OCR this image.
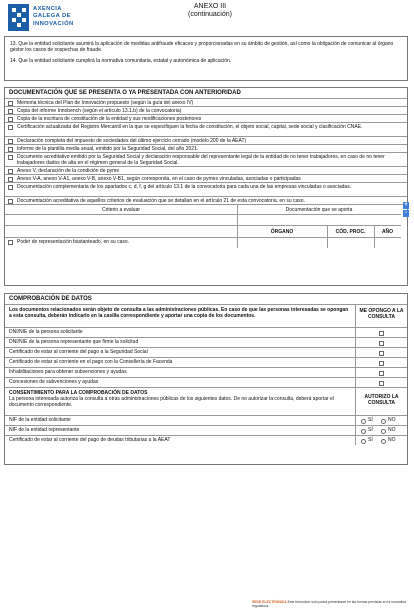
AXENCIA
GALEGA DE
INNOVACIÓN
ANEXO III
(continuación)

13. Que la entidad solicitante asumirá la aplicación de medidas antifraude eficaces y proporcionadas en su ámbito de gestión, así como la obligación de comunicar al órgano gestor los casos de sospechas de fraude.

14. Que la entidad solicitante cumplirá la normativa comunitaria, estatal y autonómica de aplicación.

DOCUMENTACIÓN QUE SE PRESENTA O YA PRESENTADA CON ANTERIORIDAD
Memoria técnica del Plan de Innovación propuesto (según la guía del anexo IV)
Copia del informe Innobench (según el artículo 13.1.b) de la convocatoria)
Copia de la escritura de constitución de la entidad y sus modificaciones posteriores
Certificación actualizada del Registro Mercantil en la que se especifiquen la fecha de constitución, el objeto social, capital, sede social y clasificación CNAE.
Declaración completa del impuesto de sociedades del último ejercicio cerrado (modelo 200 de la AEAT)
Informe de la plantilla media anual, emitido por la Seguridad Social, del año 2021.
Documento acreditativo emitido por la Seguridad Social y declaración responsable del representante legal de la entidad de no tener trabajadores, en caso de no tener trabajadores dados de alta en el régimen general de la Seguridad Social.
Anexo V, declaración de la condición de pyme
Anexo V-A, anexo V-A1, anexo V-B, anexo V-B1, según corresponda, en el caso de pymes vinculadas, asociadas o participadas
Documentación complementaria de los apartados c, d, f, g del artículo 13.1 de la convocatoria para cada una de las empresas vinculadas o asociadas.
Documentación acreditativa de aquellos criterios de evaluación que se detallan en el artículo 21 de esta convocatoria, en su caso.
Criterio a evaluar	Documentación que se aporta
ÓRGANO	CÓD. PROC.	AÑO
+
-
Poder de representación bastanteado, en su caso.
COMPROBACIÓN DE DATOS
Los documentos relacionados serán objeto de consulta a las administraciones públicas. En caso de que las personas interesadas se opongan a esta consulta, deberán indicarlo en la casilla correspondiente y aportar una copia de los documentos.
ME OPONGO A LA CONSULTA
DNI/NIE de la persona solicitante
DNI/NIE de la persona representante que firme la solicitud
Certificado de estar al corriente del pago a la Seguridad Social
Certificado de estar al corriente en el pago con la Consellería de Facenda
Inhabilitaciones para obtener subvenciones y ayudas
Concesiones de subvenciones y ayudas
CONSENTIMIENTO PARA LA COMPROBACIÓN DE DATOS
La persona interesada autoriza la consulta a otras administraciones públicas de los siguientes datos. De no autorizar la consulta, deberá aportar el documento correspondiente.
AUTORIZO LA CONSULTA
NIF de la entidad solicitante	SÍ	NO
NIF de la entidad representante	SÍ	NO
Certificado de estar al corriente del pago de deudas tributarias a la AEAT	SÍ	NO
SEDE ELECTRÓNICA Este formulario solo podrá presentarse en las formas previstas en la normativa reguladora.
